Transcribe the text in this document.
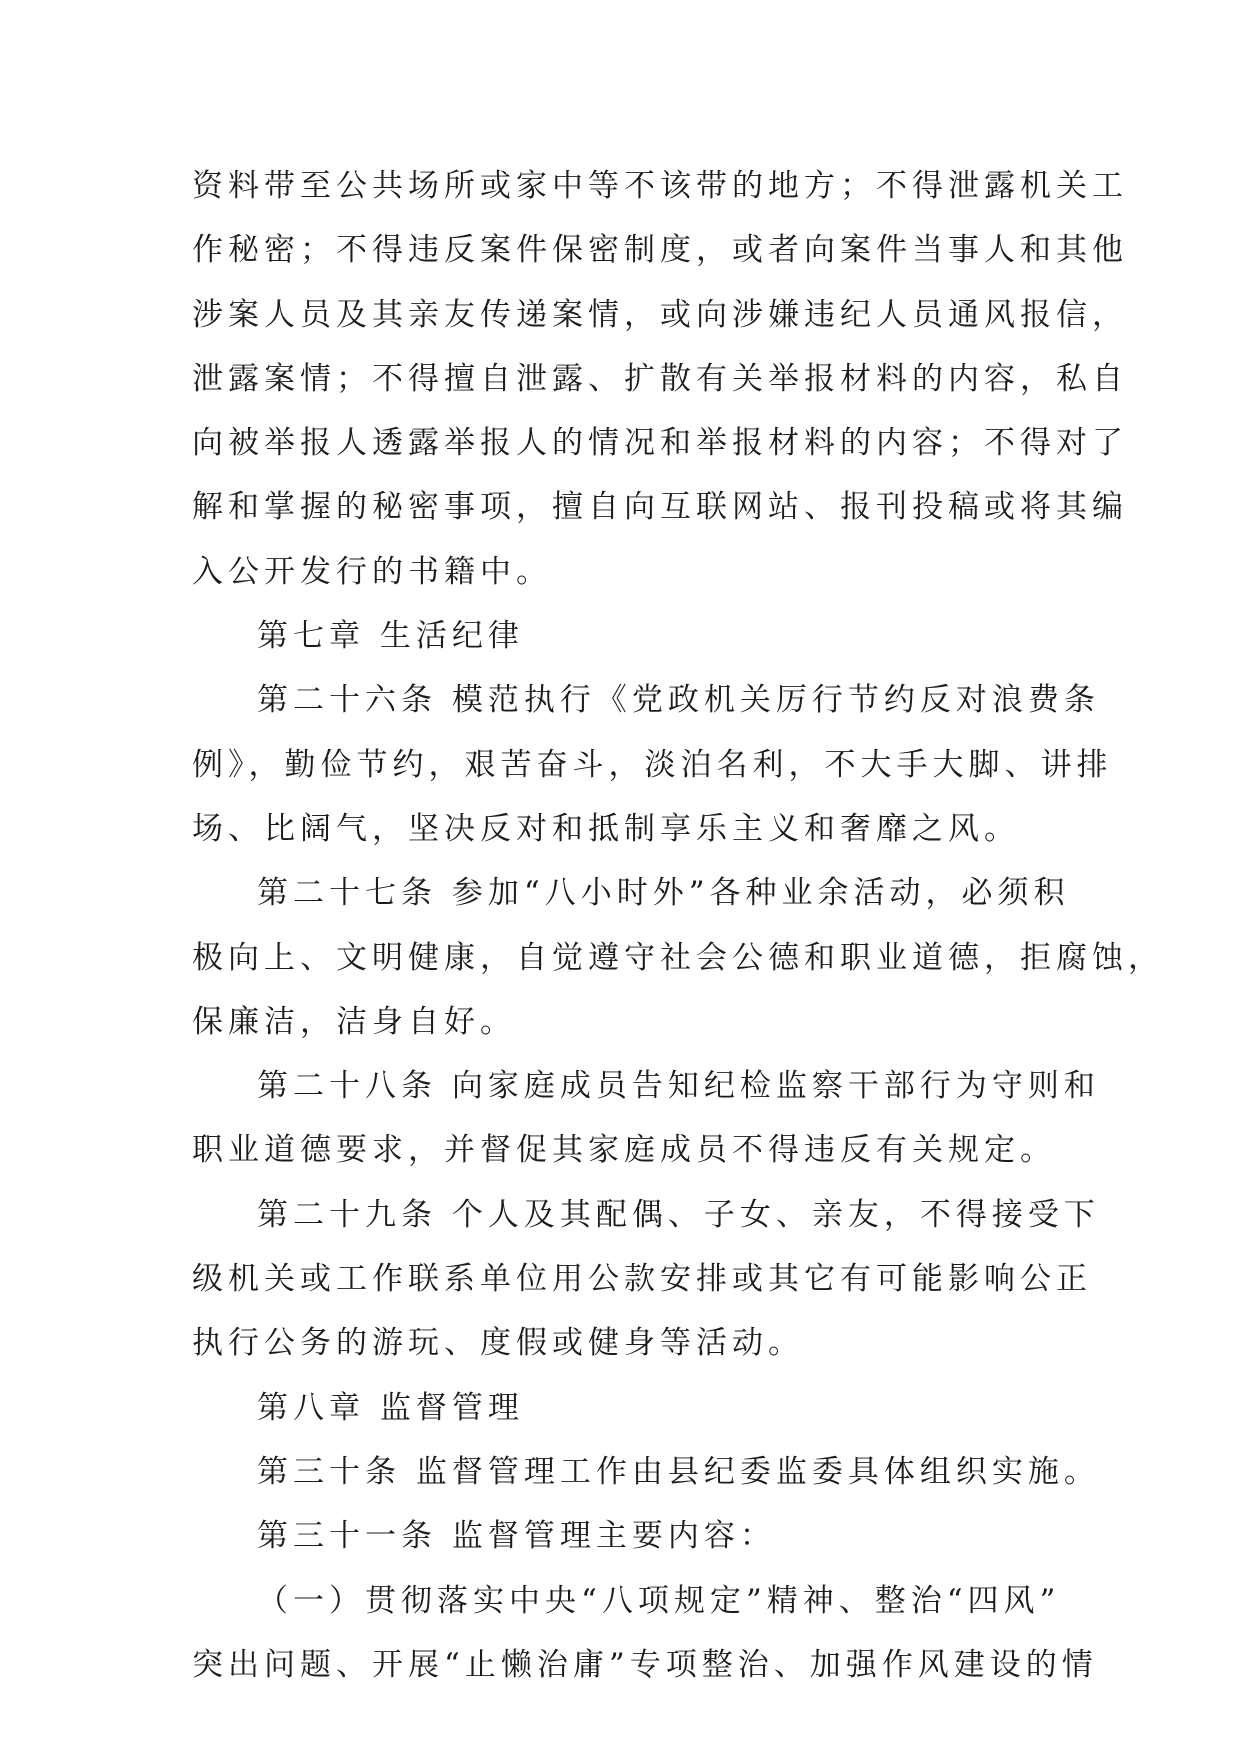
资料带至公共场所或家中等不该带的地方；不得泄露机关工

作秘密；不得违反案件保密制度，或者向案件当事人和其他

涉案人员及其亲友传递案情，或向涉嫌违纪人员通风报信，

泄露案情；不得擅自泄露、扩散有关举报材料的内容，私自

向被举报人透露举报人的情况和举报材料的内容；不得对了

解和掌握的秘密事项，擅自向互联网站、报刊投稿或将其编

入公开发行的书籍中。

第七章 生活纪律

第二十六条 模范执行《党政机关厉行节约反对浪费条

例》，勤俭节约，艰苦奋斗，淡泊名利，不大手大脚、讲排

场、比阔气，坚决反对和抵制享乐主义和奢靡之风。

第二十七条 参加“八小时外”各种业余活动，必须积

极向上、文明健康，自觉遵守社会公德和职业道德，拒腐蚀，

保廉洁，洁身自好。

第二十八条 向家庭成员告知纪检监察干部行为守则和

职业道德要求，并督促其家庭成员不得违反有关规定。

第二十九条 个人及其配偶、子女、亲友，不得接受下

级机关或工作联系单位用公款安排或其它有可能影响公正

执行公务的游玩、度假或健身等活动。

第八章 监督管理

第三十条 监督管理工作由县纪委监委具体组织实施。

第三十一条 监督管理主要内容：

（一）贯彻落实中央“八项规定”精神、整治“四风”

突出问题、开展“止懒治庸”专项整治、加强作风建设的情
